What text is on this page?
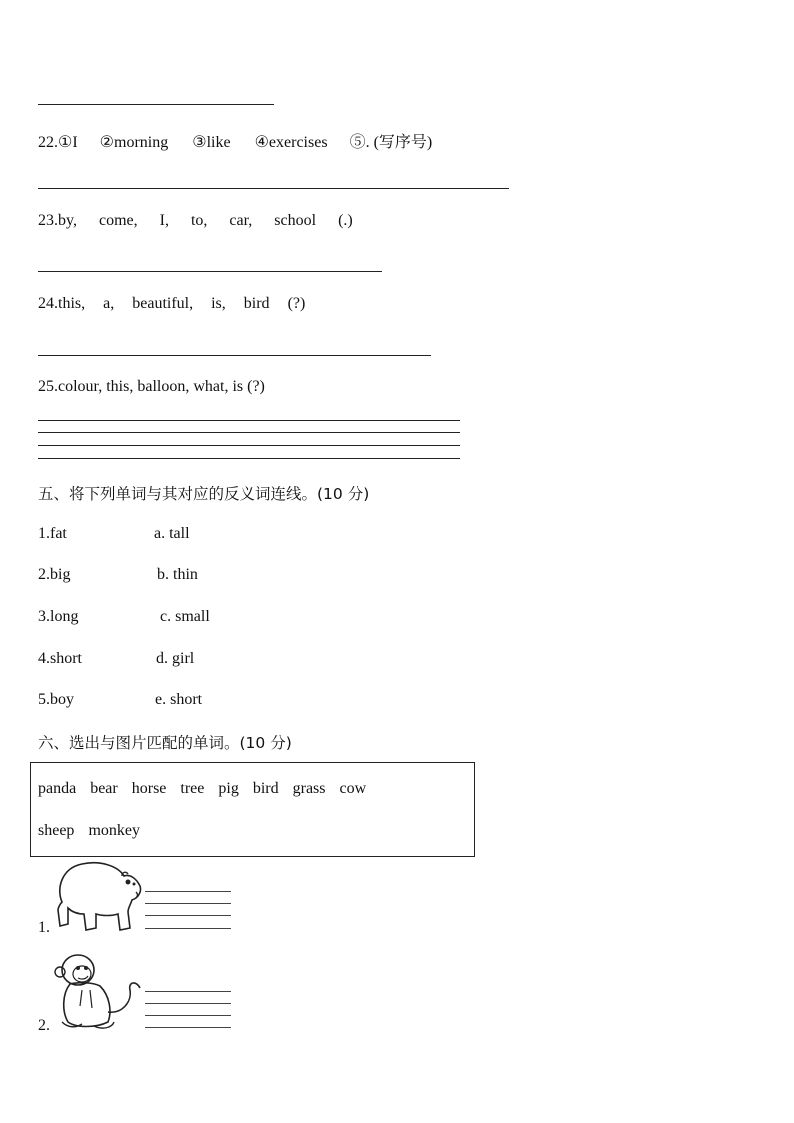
22.①I ②morning ③like ④exercises ⑤. (写序号)
23.by, come, I, to, car, school (.)
24.this, a, beautiful, is, bird (?)
25.colour, this, balloon, what, is (?)
五、将下列单词与其对应的反义词连线。(10 分)
1.fat	a. tall
2.big	b. thin
3.long	c. small
4.short	d. girl
5.boy	e. short
六、选出与图片匹配的单词。(10 分)
panda bear horse tree pig bird grass cow
sheep monkey
1.
2.
